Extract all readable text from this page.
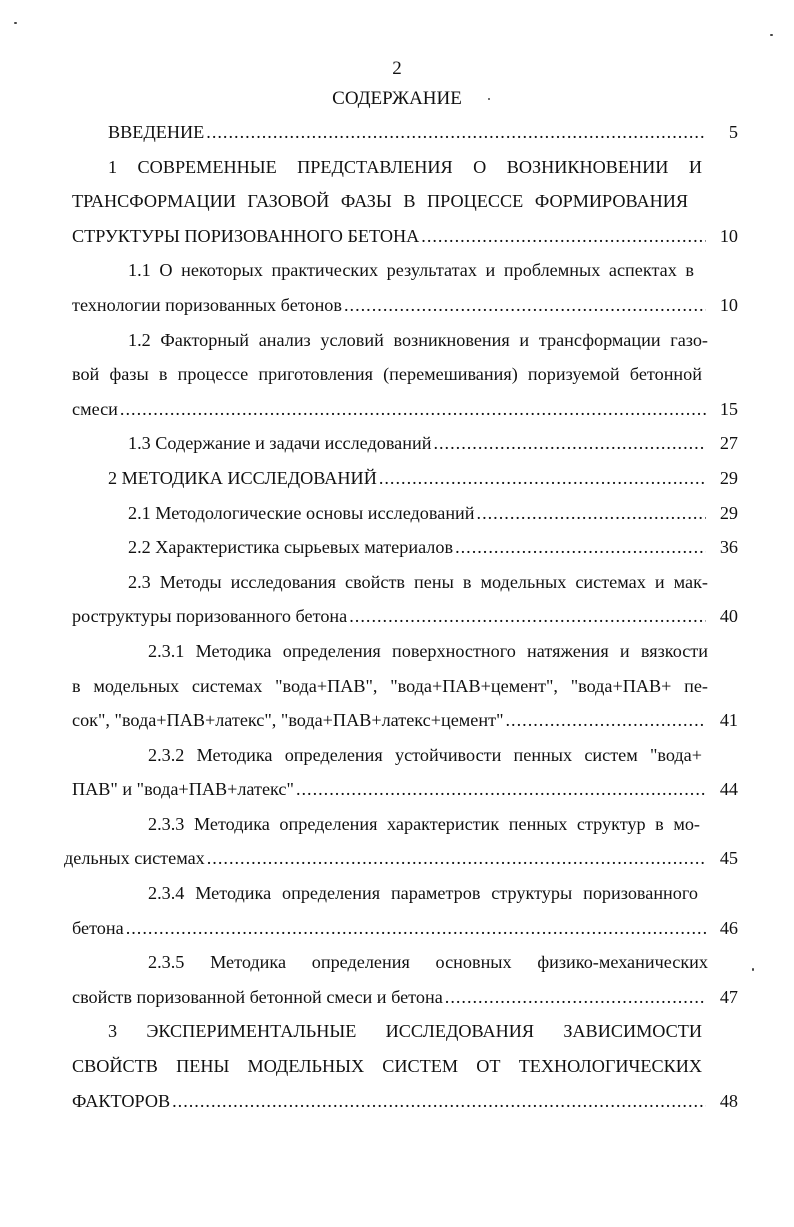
2
СОДЕРЖАНИЕ
ВВЕДЕНИЕ .....	5
1 СОВРЕМЕННЫЕ ПРЕДСТАВЛЕНИЯ О ВОЗНИКНОВЕНИИ И
ТРАНСФОРМАЦИИ ГАЗОВОЙ ФАЗЫ В ПРОЦЕССЕ ФОРМИРОВАНИЯ
СТРУКТУРЫ ПОРИЗОВАННОГО БЕТОНА .....	10
1.1 О некоторых практических результатах и проблемных аспектах в
технологии поризованных бетонов .....	10
1.2 Факторный анализ условий возникновения и трансформации газо-
вой фазы в процессе приготовления (перемешивания) поризуемой бетонной
смеси .....	15
1.3 Содержание и задачи исследований .....	27
2 МЕТОДИКА ИССЛЕДОВАНИЙ .....	29
2.1 Методологические основы исследований .....	29
2.2 Характеристика сырьевых материалов .....	36
2.3 Методы исследования свойств пены в модельных системах и мак-
роструктуры поризованного бетона .....	40
2.3.1 Методика определения поверхностного натяжения и вязкости
в модельных системах "вода+ПАВ", "вода+ПАВ+цемент", "вода+ПАВ+ пе-
сок", "вода+ПАВ+латекс", "вода+ПАВ+латекс+цемент" .....	41
2.3.2 Методика определения устойчивости пенных систем "вода+
ПАВ" и "вода+ПАВ+латекс" .....	44
2.3.3 Методика определения характеристик пенных структур в мо-
дельных системах .....	45
2.3.4 Методика определения параметров структуры поризованного
бетона .....	46
2.3.5 Методика определения основных физико-механических
свойств поризованной бетонной смеси и бетона .....	47
3 ЭКСПЕРИМЕНТАЛЬНЫЕ ИССЛЕДОВАНИЯ ЗАВИСИМОСТИ
СВОЙСТВ ПЕНЫ МОДЕЛЬНЫХ СИСТЕМ ОТ ТЕХНОЛОГИЧЕСКИХ
ФАКТОРОВ .....	48
